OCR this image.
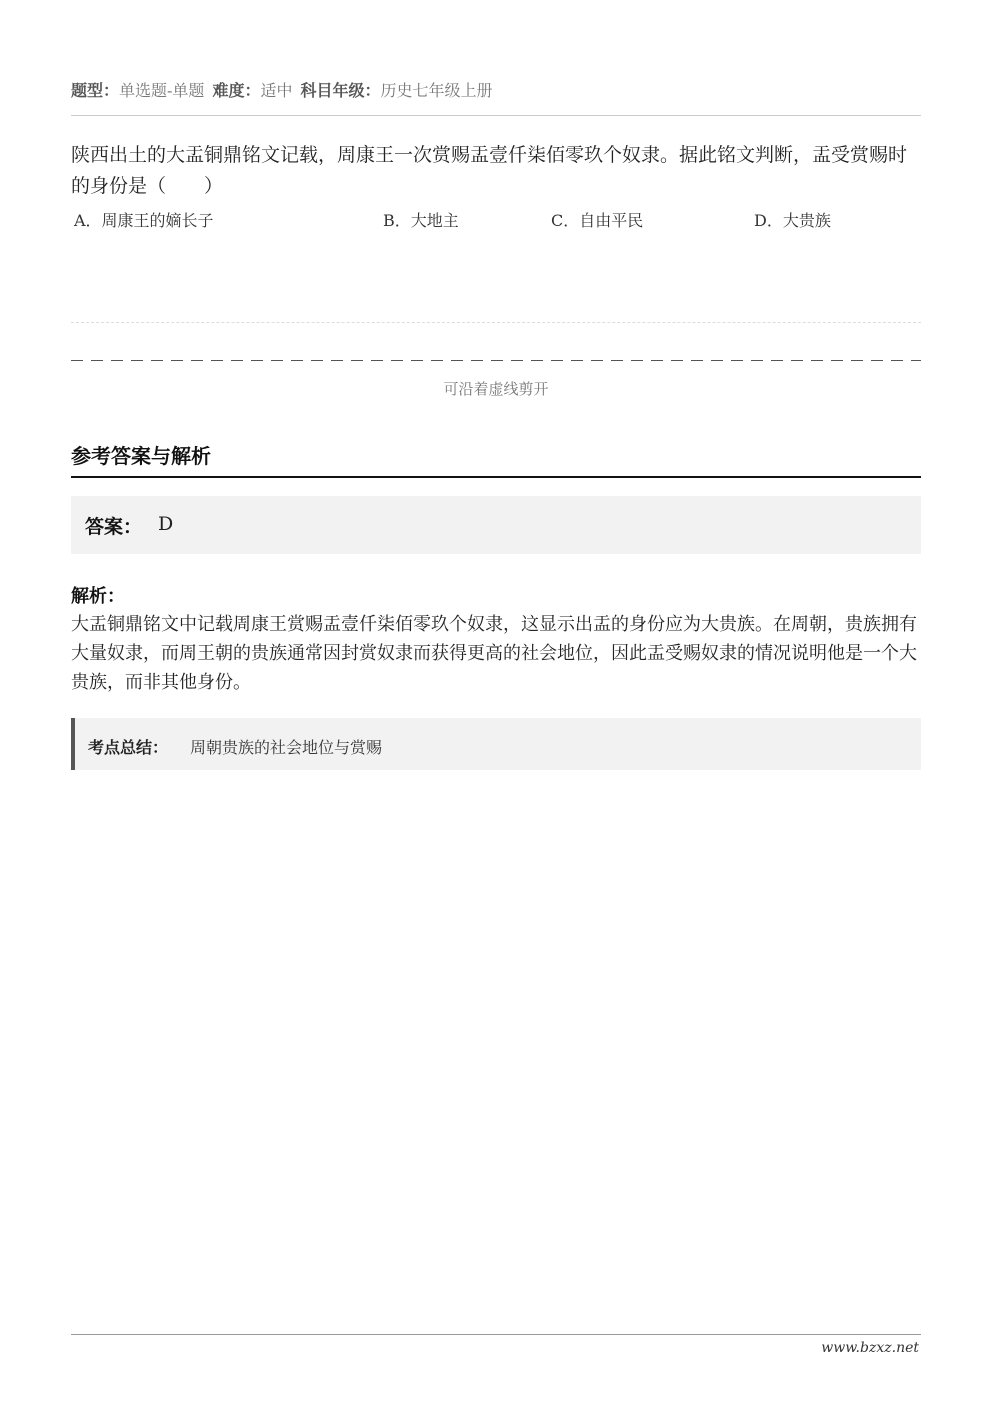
题型：单选题-单题 难度：适中 科目年级：历史七年级上册
陕西出土的大盂铜鼎铭文记载，周康王一次赏赐盂壹仟柒佰零玖个奴隶。据此铭文判断，盂受赏赐时的身份是（　　）
A．周康王的嫡长子	B．大地主	C．自由平民	D．大贵族
可沿着虚线剪开
参考答案与解析
答案： D
解析：
大盂铜鼎铭文中记载周康王赏赐盂壹仟柒佰零玖个奴隶，这显示出盂的身份应为大贵族。在周朝，贵族拥有大量奴隶，而周王朝的贵族通常因封赏奴隶而获得更高的社会地位，因此盂受赐奴隶的情况说明他是一个大贵族，而非其他身份。
考点总结： 周朝贵族的社会地位与赏赐
www.bzxz.net
